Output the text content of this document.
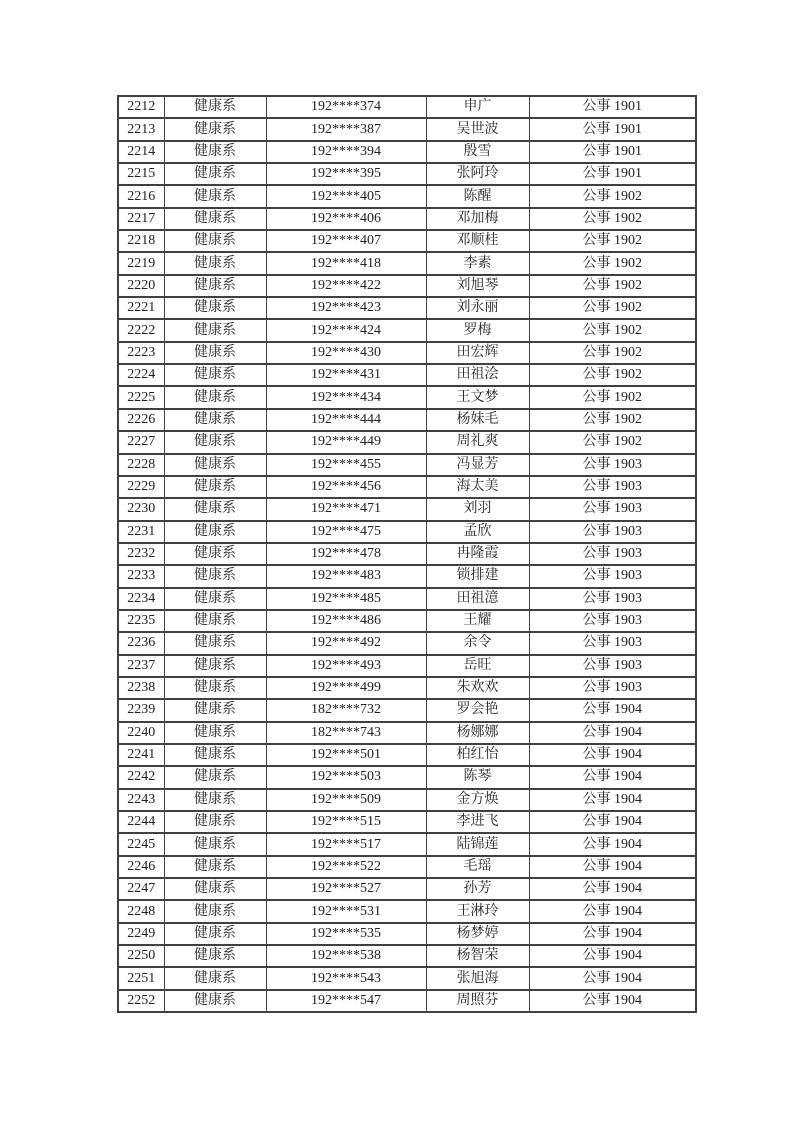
2212	健康系	192****374	申广	公事 1901
2213	健康系	192****387	吴世波	公事 1901
2214	健康系	192****394	殷雪	公事 1901
2215	健康系	192****395	张阿玲	公事 1901
2216	健康系	192****405	陈醒	公事 1902
2217	健康系	192****406	邓加梅	公事 1902
2218	健康系	192****407	邓顺桂	公事 1902
2219	健康系	192****418	李素	公事 1902
2220	健康系	192****422	刘旭琴	公事 1902
2221	健康系	192****423	刘永丽	公事 1902
2222	健康系	192****424	罗梅	公事 1902
2223	健康系	192****430	田宏辉	公事 1902
2224	健康系	192****431	田祖浍	公事 1902
2225	健康系	192****434	王文梦	公事 1902
2226	健康系	192****444	杨妹毛	公事 1902
2227	健康系	192****449	周礼爽	公事 1902
2228	健康系	192****455	冯显芳	公事 1903
2229	健康系	192****456	海太美	公事 1903
2230	健康系	192****471	刘羽	公事 1903
2231	健康系	192****475	孟欣	公事 1903
2232	健康系	192****478	冉隆霞	公事 1903
2233	健康系	192****483	锁排建	公事 1903
2234	健康系	192****485	田祖澺	公事 1903
2235	健康系	192****486	王耀	公事 1903
2236	健康系	192****492	余令	公事 1903
2237	健康系	192****493	岳旺	公事 1903
2238	健康系	192****499	朱欢欢	公事 1903
2239	健康系	182****732	罗会艳	公事 1904
2240	健康系	182****743	杨娜娜	公事 1904
2241	健康系	192****501	柏红怡	公事 1904
2242	健康系	192****503	陈琴	公事 1904
2243	健康系	192****509	金方焕	公事 1904
2244	健康系	192****515	李进飞	公事 1904
2245	健康系	192****517	陆锦莲	公事 1904
2246	健康系	192****522	毛瑶	公事 1904
2247	健康系	192****527	孙芳	公事 1904
2248	健康系	192****531	王淋玲	公事 1904
2249	健康系	192****535	杨梦婷	公事 1904
2250	健康系	192****538	杨智荣	公事 1904
2251	健康系	192****543	张旭海	公事 1904
2252	健康系	192****547	周照芬	公事 1904
